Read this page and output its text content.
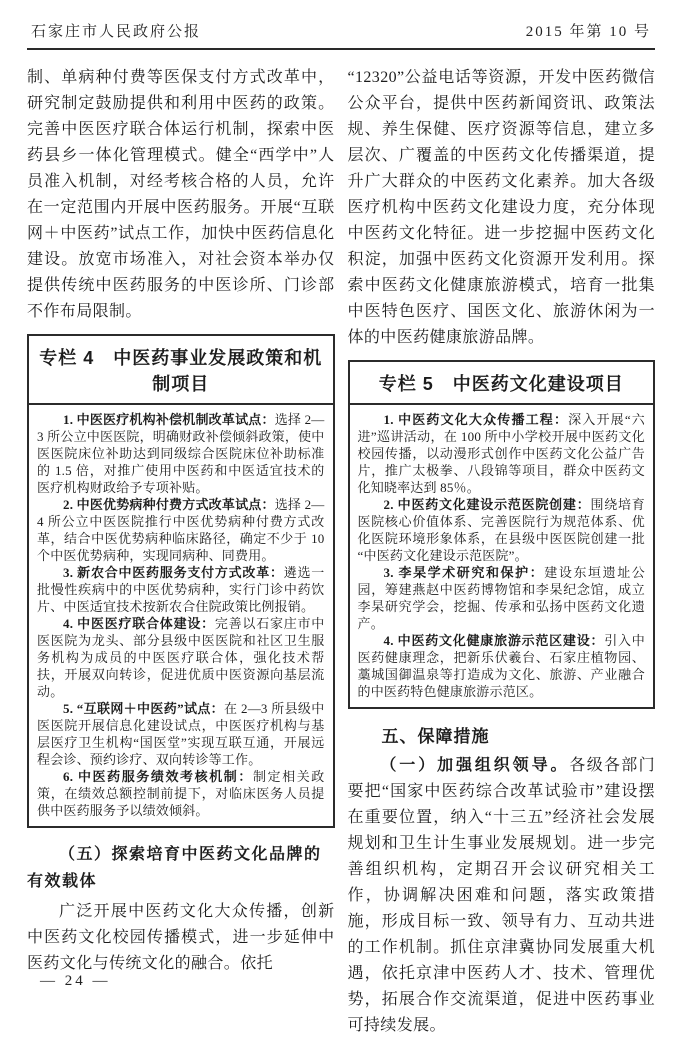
石家庄市人民政府公报	2015 年第 10 号

制、单病种付费等医保支付方式改革中，研究制定鼓励提供和利用中医药的政策。完善中医医疗联合体运行机制，探索中医药县乡一体化管理模式。健全“西学中”人员准入机制，对经考核合格的人员，允许在一定范围内开展中医药服务。开展“互联网＋中医药”试点工作，加快中医药信息化建设。放宽市场准入，对社会资本举办仅提供传统中医药服务的中医诊所、门诊部不作布局限制。

专栏 4　中医药事业发展政策和机制项目

1. 中医医疗机构补偿机制改革试点：选择 2—3 所公立中医医院，明确财政补偿倾斜政策，使中医医院床位补助达到同级综合医院床位补助标准的 1.5 倍，对推广使用中医药和中医适宜技术的医疗机构财政给予专项补贴。

2. 中医优势病种付费方式改革试点：选择 2—4 所公立中医医院推行中医优势病种付费方式改革，结合中医优势病种临床路径，确定不少于 10 个中医优势病种，实现同病种、同费用。

3. 新农合中医药服务支付方式改革：遴选一批慢性疾病中的中医优势病种，实行门诊中药饮片、中医适宜技术按新农合住院政策比例报销。

4. 中医医疗联合体建设：完善以石家庄市中医医院为龙头、部分县级中医医院和社区卫生服务机构为成员的中医医疗联合体，强化技术帮扶，开展双向转诊，促进优质中医资源向基层流动。

5. “互联网＋中医药”试点：在 2—3 所县级中医医院开展信息化建设试点，中医医疗机构与基层医疗卫生机构“国医堂”实现互联互通，开展远程会诊、预约诊疗、双向转诊等工作。

6. 中医药服务绩效考核机制：制定相关政策，在绩效总额控制前提下，对临床医务人员提供中医药服务予以绩效倾斜。

（五）探索培育中医药文化品牌的有效载体

广泛开展中医药文化大众传播，创新中医药文化校园传播模式，进一步延伸中医药文化与传统文化的融合。依托

“12320”公益电话等资源，开发中医药微信公众平台，提供中医药新闻资讯、政策法规、养生保健、医疗资源等信息，建立多层次、广覆盖的中医药文化传播渠道，提升广大群众的中医药文化素养。加大各级医疗机构中医药文化建设力度，充分体现中医药文化特征。进一步挖掘中医药文化积淀，加强中医药文化资源开发利用。探索中医药文化健康旅游模式，培育一批集中医特色医疗、国医文化、旅游休闲为一体的中医药健康旅游品牌。

专栏 5　中医药文化建设项目

1. 中医药文化大众传播工程：深入开展“六进”巡讲活动，在 100 所中小学校开展中医药文化校园传播，以动漫形式创作中医药文化公益广告片，推广太极拳、八段锦等项目，群众中医药文化知晓率达到 85％。

2. 中医药文化建设示范医院创建：围绕培育医院核心价值体系、完善医院行为规范体系、优化医院环境形象体系，在县级中医医院创建一批“中医药文化建设示范医院”。

3. 李杲学术研究和保护：建设东垣遗址公园，筹建燕赵中医药博物馆和李杲纪念馆，成立李杲研究学会，挖掘、传承和弘扬中医药文化遗产。

4. 中医药文化健康旅游示范区建设：引入中医药健康理念，把新乐伏羲台、石家庄植物园、藁城国御温泉等打造成为文化、旅游、产业融合的中医药特色健康旅游示范区。

五、保障措施

（一）加强组织领导。各级各部门要把“国家中医药综合改革试验市”建设摆在重要位置，纳入“十三五”经济社会发展规划和卫生计生事业发展规划。进一步完善组织机构，定期召开会议研究相关工作，协调解决困难和问题，落实政策措施，形成目标一致、领导有力、互动共进的工作机制。抓住京津冀协同发展重大机遇，依托京津中医药人才、技术、管理优势，拓展合作交流渠道，促进中医药事业可持续发展。

— 24 —
